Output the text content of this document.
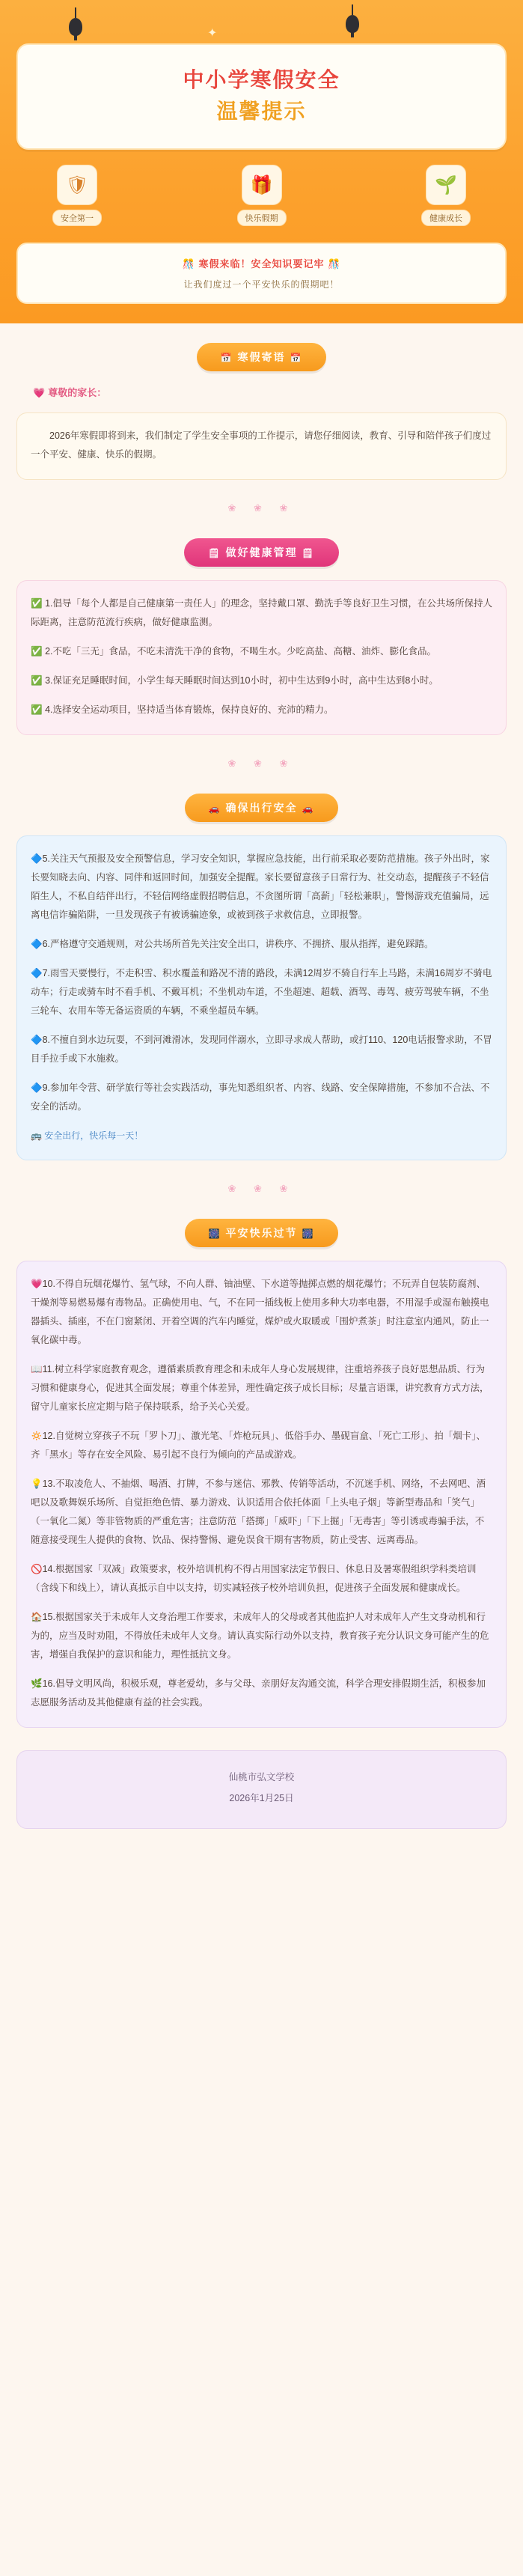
✦
中小学寒假安全
温馨提示
🛡
安全第一
🎁
快乐假期
🌱
健康成长
🎊 寒假来临！安全知识要记牢 🎊
让我们度过一个平安快乐的假期吧！
📅 寒假寄语 📅
💗 尊敬的家长：

2026年寒假即将到来，我们制定了学生安全事项的工作提示，请您仔细阅读，教育、引导和陪伴孩子们度过一个平安、健康、快乐的假期。

❀ ❀ ❀
🗒 做好健康管理 🗒

✅ 1.倡导「每个人都是自己健康第一责任人」的理念，坚持戴口罩、勤洗手等良好卫生习惯，在公共场所保持人际距离，注意防范流行疾病，做好健康监测。

✅ 2.不吃「三无」食品，不吃未清洗干净的食物，不喝生水。少吃高盐、高糖、油炸、膨化食品。

✅ 3.保证充足睡眠时间，小学生每天睡眠时间达到10小时，初中生达到9小时，高中生达到8小时。

✅ 4.选择安全运动项目，坚持适当体育锻炼，保持良好的、充沛的精力。

❀ ❀ ❀
🚗 确保出行安全 🚗

🔷5.关注天气预报及安全预警信息，学习安全知识，掌握应急技能，出行前采取必要防范措施。孩子外出时，家长要知晓去向、内容、同伴和返回时间，加强安全提醒。家长要留意孩子日常行为、社交动态，提醒孩子不轻信陌生人，不私自结伴出行，不轻信网络虚假招聘信息，不贪图所谓「高薪」「轻松兼职」，警惕游戏充值骗局，远离电信诈骗陷阱，一旦发现孩子有被诱骗迹象，或被到孩子求救信息，立即报警。

🔷6.严格遵守交通规则，对公共场所首先关注安全出口，讲秩序、不拥挤、服从指挥，避免踩踏。

🔷7.雨雪天要慢行，不走积雪、积水覆盖和路况不清的路段，未满12周岁不骑自行车上马路，未满16周岁不骑电动车；行走或骑车时不看手机、不戴耳机；不坐机动车道，不坐超速、超载、酒驾、毒驾、疲劳驾驶车辆，不坐三轮车、农用车等无备运资质的车辆，不乘坐超员车辆。

🔷8.不擅自到水边玩耍，不到河滩滑冰，发现同伴溺水，立即寻求成人帮助，或打110、120电话报警求助，不冒目手拉手或下水施救。

🔷9.参加年令营、研学旅行等社会实践活动，事先知悉组织者、内容、线路、安全保障措施，不参加不合法、不安全的活动。

🚌 安全出行，快乐每一天！

❀ ❀ ❀
🎆 平安快乐过节 🎆

💗10.不得自玩烟花爆竹、氢气球，不向人群、铀油壁、下水道等抛掷点燃的烟花爆竹；不玩弄自包装防腐剂、干燥剂等易燃易爆有毒物品。正确使用电、气，不在同一插线板上使用多种大功率电器，不用湿手或湿布触摸电器插头、插座，不在门窗紧闭、开着空调的汽车内睡觉，煤炉或火取暖或「围炉煮茶」时注意室内通风，防止一氧化碳中毒。

📖11.树立科学家庭教育观念，遵循素质教育理念和未成年人身心发展规律，注重培养孩子良好思想品质、行为习惯和健康身心，促进其全面发展；尊重个体差异，理性确定孩子成长目标；尽量言语课，讲究教育方式方法，留守儿童家长应定期与陪子保持联系，给予关心关爱。

🔅12.自觉树立穿孩子不玩「罗卜刀」、激光笔、「炸枪玩具」、低俗手办、墨砚盲盒、「死亡工形」、拍「烟卡」、齐「黑水」等存在安全风险、易引起不良行为倾向的产品或游戏。

💡13.不取凌危人、不抽烟、喝酒、打牌，不参与迷信、邪教、传销等活动，不沉迷手机、网络，不去网吧、酒吧以及歌舞娱乐场所、自觉拒绝色情、暴力游戏、认识适用合依托体面「上头电子烟」等新型毒品和「笑气」（一氧化二氮）等非管物质的严重危害；注意防范「搭掷」「威吓」「下上掘」「无毒害」等引诱或毒骗手法，不随意接受现生人提供的食物、饮品、保持警惕、避免误食干期有害物质，防止受害、远离毒品。

🚫14.根据国家「双减」政策要求，校外培训机构不得占用国家法定节假日、休息日及暑寒假组织学科类培训（含线下和线上），请认真抵示自中以支持，切实减轻孩子校外培训负担，促进孩子全面发展和健康成长。

🏠15.根据国家关于未成年人文身治理工作要求，未成年人的父母或者其他监护人对未成年人产生文身动机和行为的，应当及时劝阻，不得放任未成年人文身。请认真实际行动外以支持，教育孩子充分认识文身可能产生的危害，增强自我保护的意识和能力，理性抵抗文身。

🌿16.倡导文明风尚，积极乐观，尊老爱幼，多与父母、亲朋好友沟通交流，科学合理安排假期生活，积极参加志愿服务活动及其他健康有益的社会实践。

仙桃市弘文学校
2026年1月25日
